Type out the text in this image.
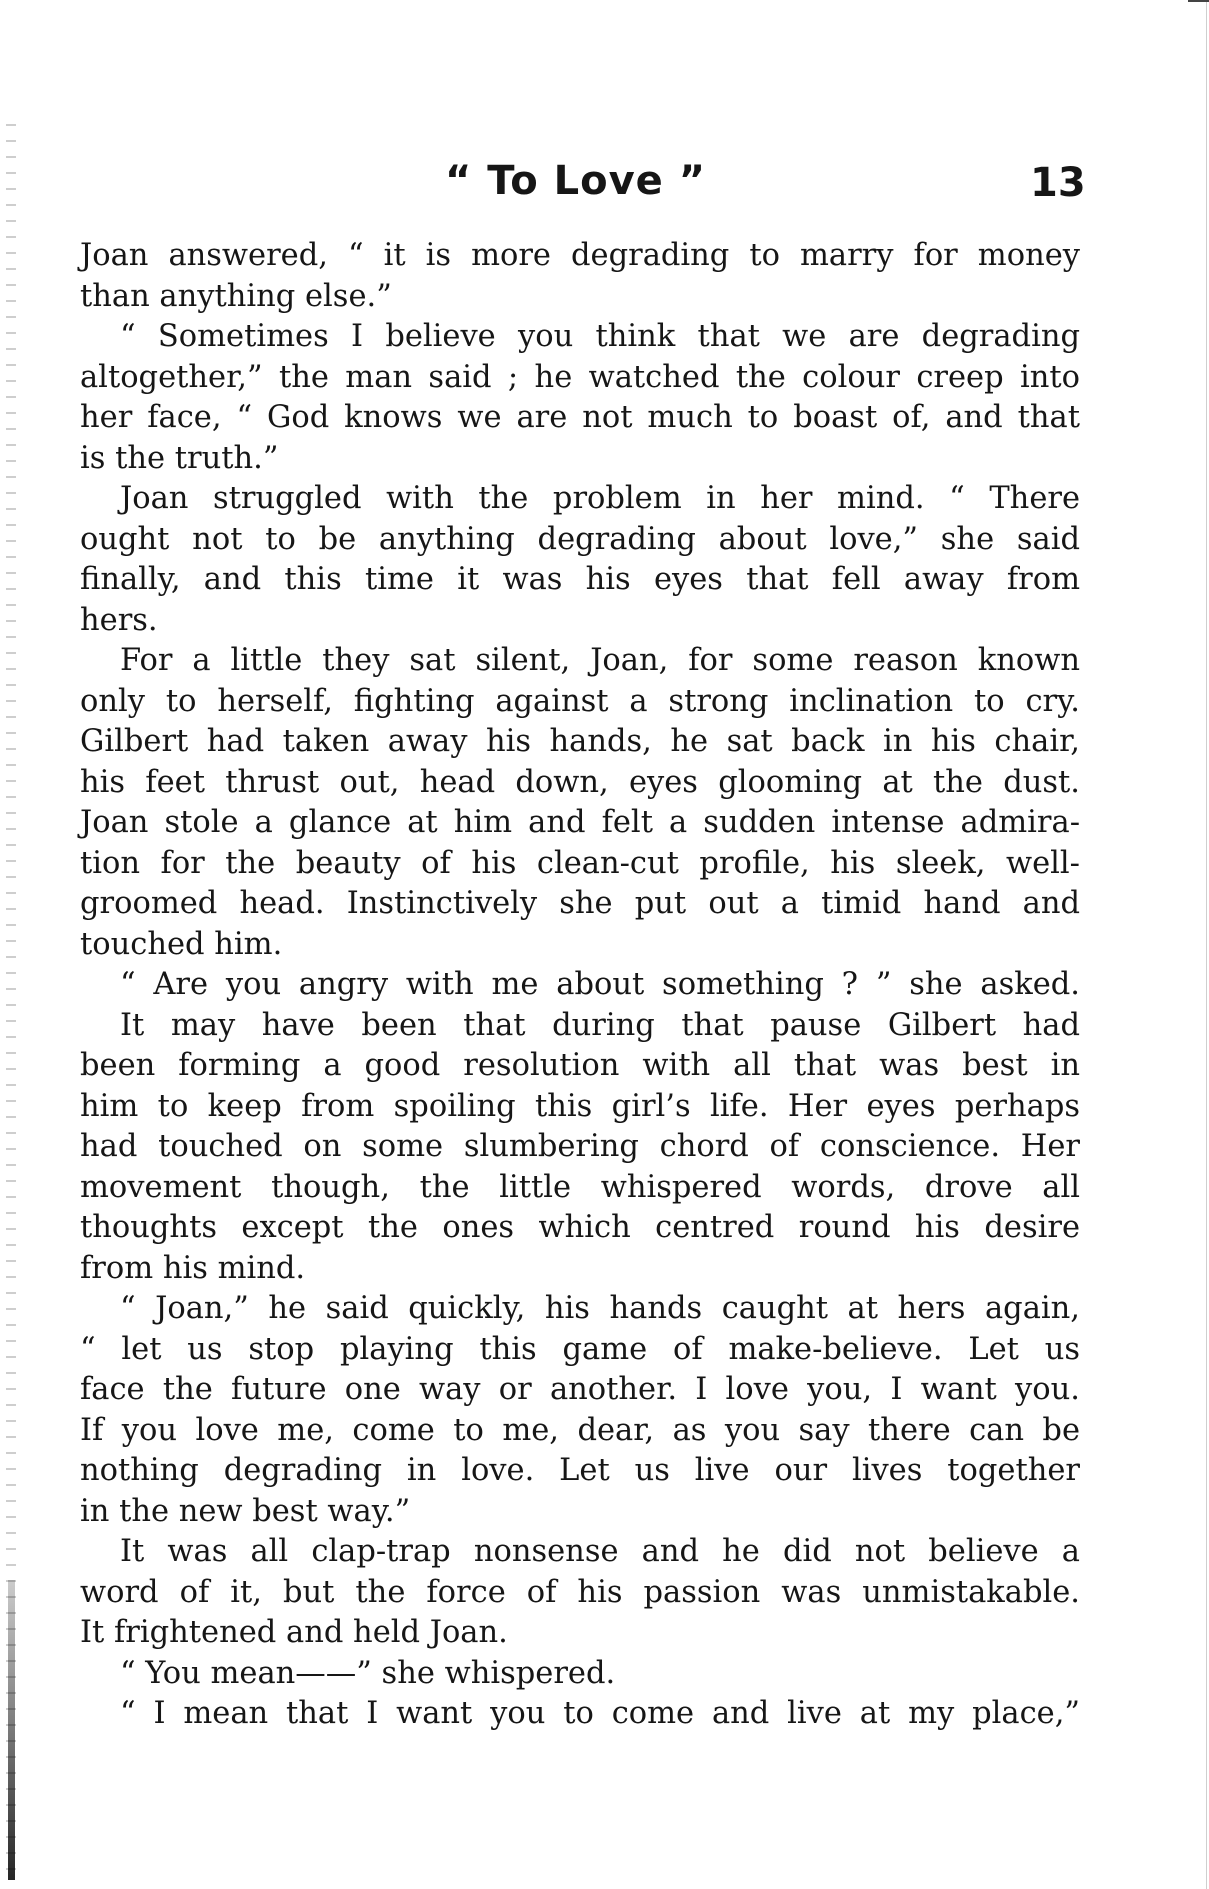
“ To Love ”	13
Joan answered, “ it is more degrading to marry for money
than anything else.”
“ Sometimes I believe you think that we are degrading
altogether,” the man said ; he watched the colour creep into
her face, “ God knows we are not much to boast of, and that
is the truth.”
Joan struggled with the problem in her mind. “ There
ought not to be anything degrading about love,” she said
finally, and this time it was his eyes that fell away from
hers.
For a little they sat silent, Joan, for some reason known
only to herself, fighting against a strong inclination to cry.
Gilbert had taken away his hands, he sat back in his chair,
his feet thrust out, head down, eyes glooming at the dust.
Joan stole a glance at him and felt a sudden intense admira-
tion for the beauty of his clean-cut profile, his sleek, well-
groomed head. Instinctively she put out a timid hand and
touched him.
“ Are you angry with me about something ? ” she asked.
It may have been that during that pause Gilbert had
been forming a good resolution with all that was best in
him to keep from spoiling this girl’s life. Her eyes perhaps
had touched on some slumbering chord of conscience. Her
movement though, the little whispered words, drove all
thoughts except the ones which centred round his desire
from his mind.
“ Joan,” he said quickly, his hands caught at hers again,
“ let us stop playing this game of make-believe. Let us
face the future one way or another. I love you, I want you.
If you love me, come to me, dear, as you say there can be
nothing degrading in love. Let us live our lives together
in the new best way.”
It was all clap-trap nonsense and he did not believe a
word of it, but the force of his passion was unmistakable.
It frightened and held Joan.
“ You mean——” she whispered.
“ I mean that I want you to come and live at my place,”
